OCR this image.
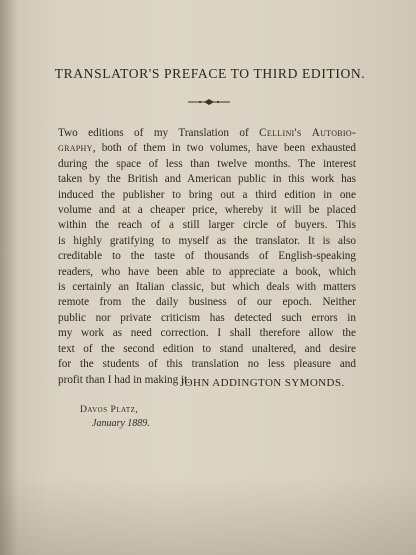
TRANSLATOR'S PREFACE TO THIRD EDITION.
Two editions of my Translation of Cellini's Autobio-
graphy, both of them in two volumes, have been exhausted
during the space of less than twelve months. The interest
taken by the British and American public in this work has
induced the publisher to bring out a third edition in one
volume and at a cheaper price, whereby it will be placed
within the reach of a still larger circle of buyers. This
is highly gratifying to myself as the translator. It is also
creditable to the taste of thousands of English-speaking
readers, who have been able to appreciate a book, which
is certainly an Italian classic, but which deals with matters
remote from the daily business of our epoch. Neither
public nor private criticism has detected such errors in
my work as need correction. I shall therefore allow the
text of the second edition to stand unaltered, and desire
for the students of this translation no less pleasure and
profit than I had in making it.
JOHN ADDINGTON SYMONDS.
Davos Platz,
January 1889.
